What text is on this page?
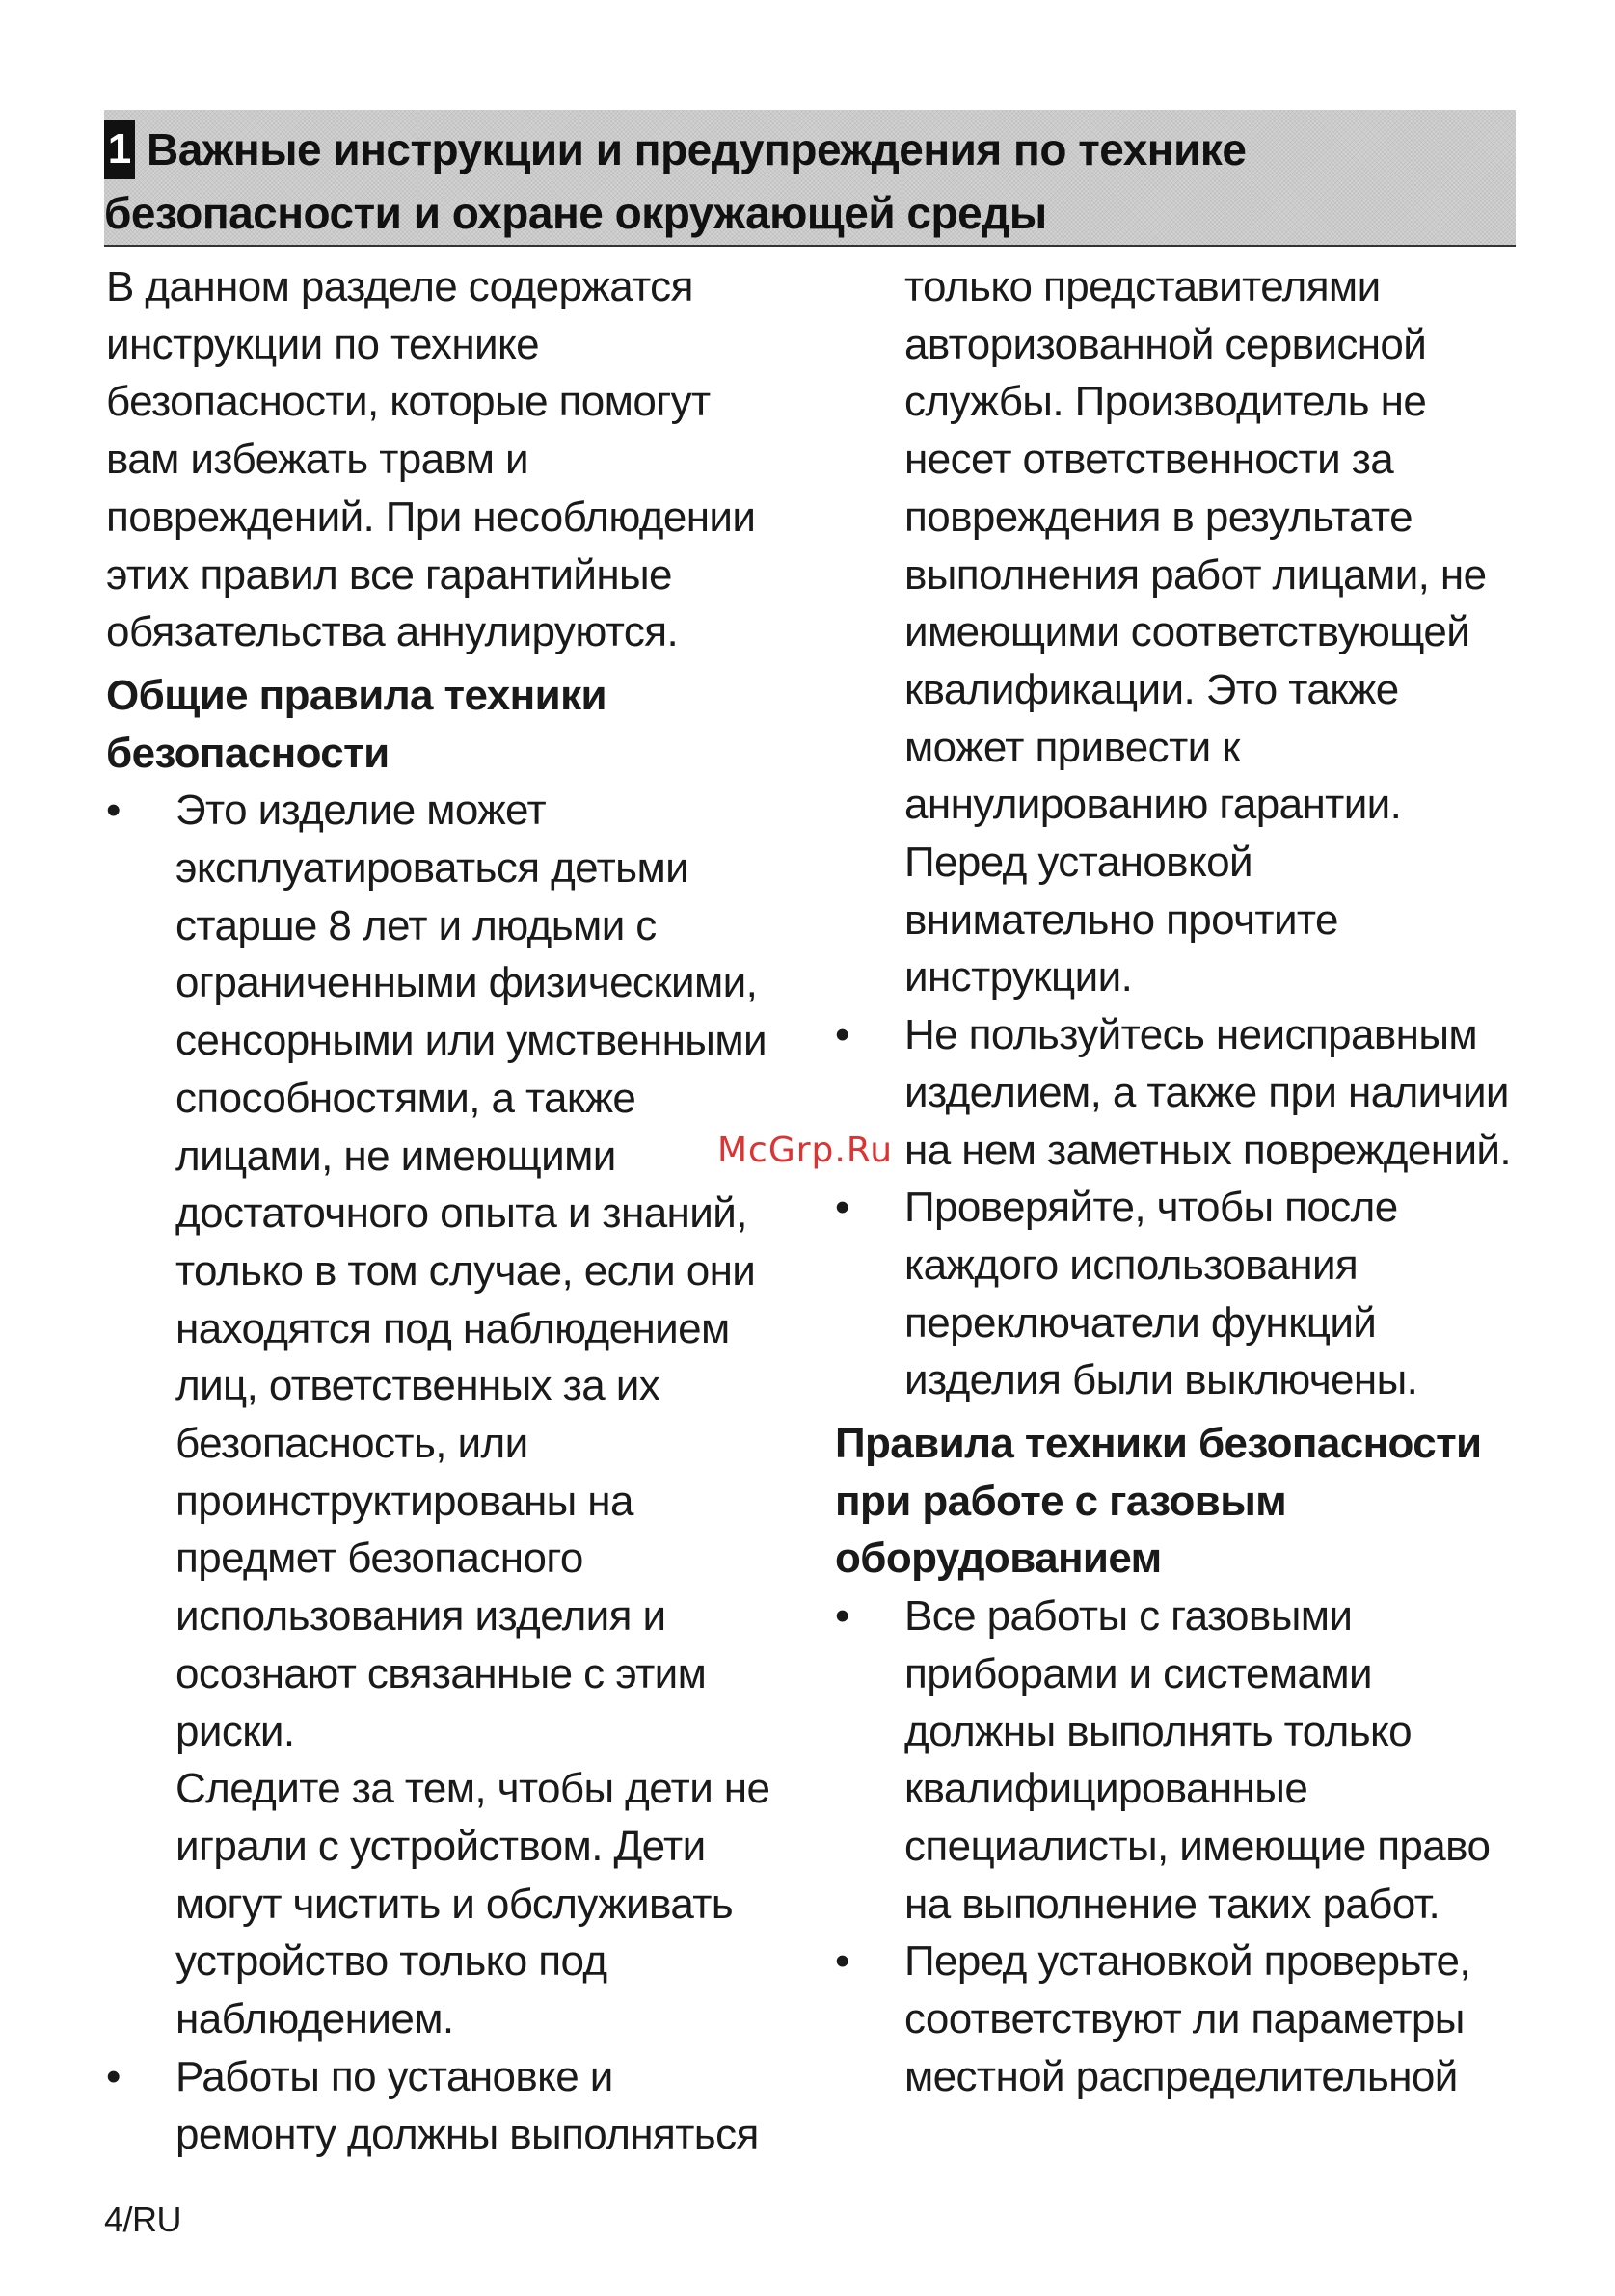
1 Важные инструкции и предупреждения по технике
безопасности и охране окружающей среды

В данном разделе содержатся

инструкции по технике

безопасности, которые помогут

вам избежать травм и

повреждений. При несоблюдении

этих правил все гарантийные

обязательства аннулируются.

Общие правила техники

безопасности

• Это изделие может

эксплуатироваться детьми

старше 8 лет и людьми с

ограниченными физическими,

сенсорными или умственными

способностями, а также

лицами, не имеющими

достаточного опыта и знаний,

только в том случае, если они

находятся под наблюдением

лиц, ответственных за их

безопасность, или

проинструктированы на

предмет безопасного

использования изделия и

осознают связанные с этим

риски.

Следите за тем, чтобы дети не

играли с устройством. Дети

могут чистить и обслуживать

устройство только под

наблюдением.

• Работы по установке и

ремонту должны выполняться

только представителями

авторизованной сервисной

службы. Производитель не

несет ответственности за

повреждения в результате

выполнения работ лицами, не

имеющими соответствующей

квалификации. Это также

может привести к

аннулированию гарантии.

Перед установкой

внимательно прочтите

инструкции.

• Не пользуйтесь неисправным

изделием, а также при наличии

на нем заметных повреждений.

• Проверяйте, чтобы после

каждого использования

переключатели функций

изделия были выключены.

Правила техники безопасности

при работе с газовым

оборудованием

• Все работы с газовыми

приборами и системами

должны выполнять только

квалифицированные

специалисты, имеющие право

на выполнение таких работ.

• Перед установкой проверьте,

соответствуют ли параметры

местной распределительной

McGrp.Ru
4/RU
